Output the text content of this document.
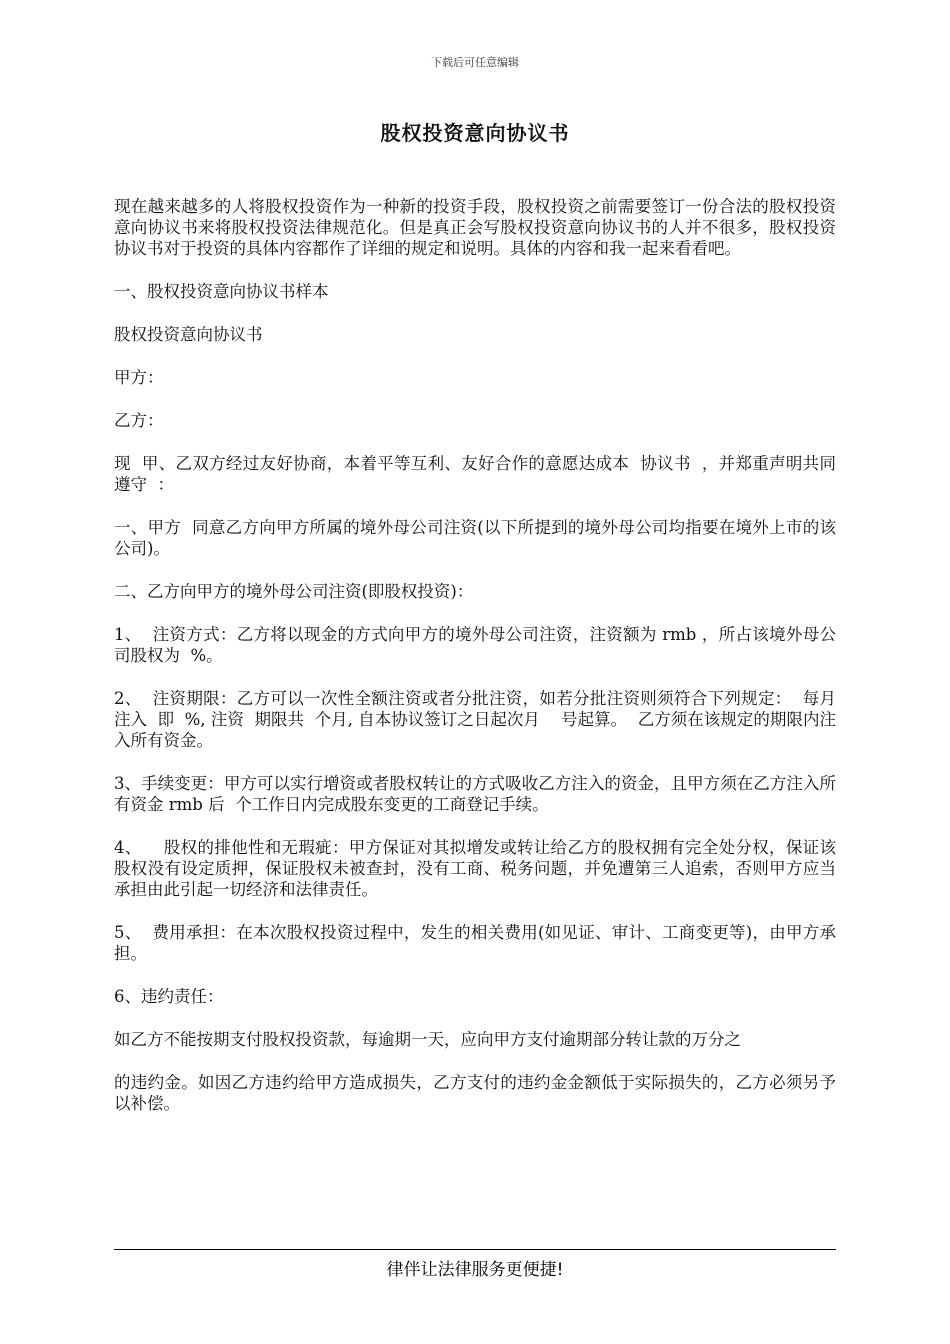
下载后可任意编辑
股权投资意向协议书

现在越来越多的人将股权投资作为一种新的投资手段，股权投资之前需要签订一份合法的股权投资意向协议书来将股权投资法律规范化。但是真正会写股权投资意向协议书的人并不很多，股权投资协议书对于投资的具体内容都作了详细的规定和说明。具体的内容和我一起来看看吧。

一、股权投资意向协议书样本

股权投资意向协议书

甲方：

乙方：

现  甲、乙双方经过友好协商，本着平等互利、友好合作的意愿达成本  协议书  ，并郑重声明共同遵守  ：

一、甲方  同意乙方向甲方所属的境外母公司注资(以下所提到的境外母公司均指要在境外上市的该公司)。

二、乙方向甲方的境外母公司注资(即股权投资)：

1、  注资方式：乙方将以现金的方式向甲方的境外母公司注资，注资额为 rmb ，所占该境外母公司股权为  %。

2、  注资期限：乙方可以一次性全额注资或者分批注资，如若分批注资则须符合下列规定：  每月  注入  即  %, 注资  期限共  个月, 自本协议签订之日起次月    号起算。  乙方须在该规定的期限内注入所有资金。

3、手续变更：甲方可以实行增资或者股权转让的方式吸收乙方注入的资金，且甲方须在乙方注入所有资金 rmb 后  个工作日内完成股东变更的工商登记手续。

4、    股权的排他性和无瑕疵：甲方保证对其拟增发或转让给乙方的股权拥有完全处分权，保证该股权没有设定质押，保证股权未被查封，没有工商、税务问题，并免遭第三人追索，否则甲方应当承担由此引起一切经济和法律责任。

5、  费用承担：在本次股权投资过程中，发生的相关费用(如见证、审计、工商变更等)，由甲方承担。

6、违约责任：

如乙方不能按期支付股权投资款，每逾期一天，应向甲方支付逾期部分转让款的万分之

的违约金。如因乙方违约给甲方造成损失，乙方支付的违约金金额低于实际损失的，乙方必须另予以补偿。

律伴让法律服务更便捷!
